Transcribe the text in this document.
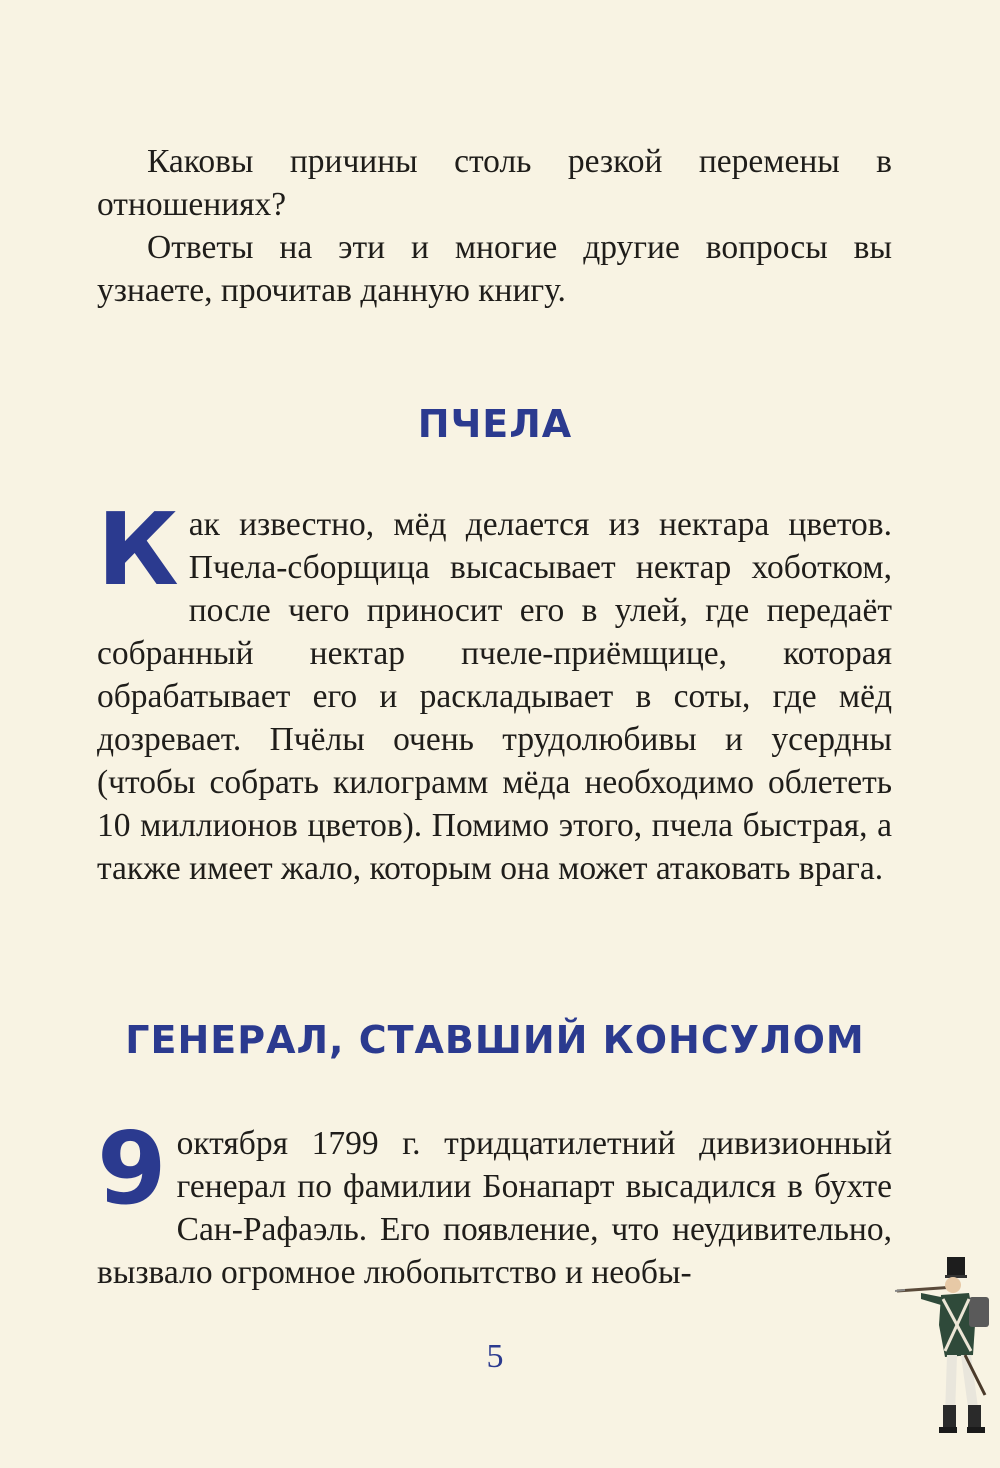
Каковы причины столь резкой перемены в отношениях?

Ответы на эти и многие другие вопросы вы узнаете, прочитав данную книгу.

ПЧЕЛА

К ак известно, мёд делается из нектара цветов. Пчела-сборщица высасывает нектар хоботком, после чего приносит его в улей, где передаёт собранный нектар пчеле-приёмщице, которая обрабатывает его и раскладывает в соты, где мёд дозревает. Пчёлы очень трудолюбивы и усердны (чтобы собрать килограмм мёда необходимо облететь 10 миллионов цветов). Помимо этого, пчела быстрая, а также имеет жало, которым она может атаковать врага.

ГЕНЕРАЛ, СТАВШИЙ КОНСУЛОМ

9 октября 1799 г. тридцатилетний дивизионный генерал по фамилии Бонапарт высадился в бухте Сан-Рафаэль. Его появление, что неудивительно, вызвало огромное любопытство и необы-

5
